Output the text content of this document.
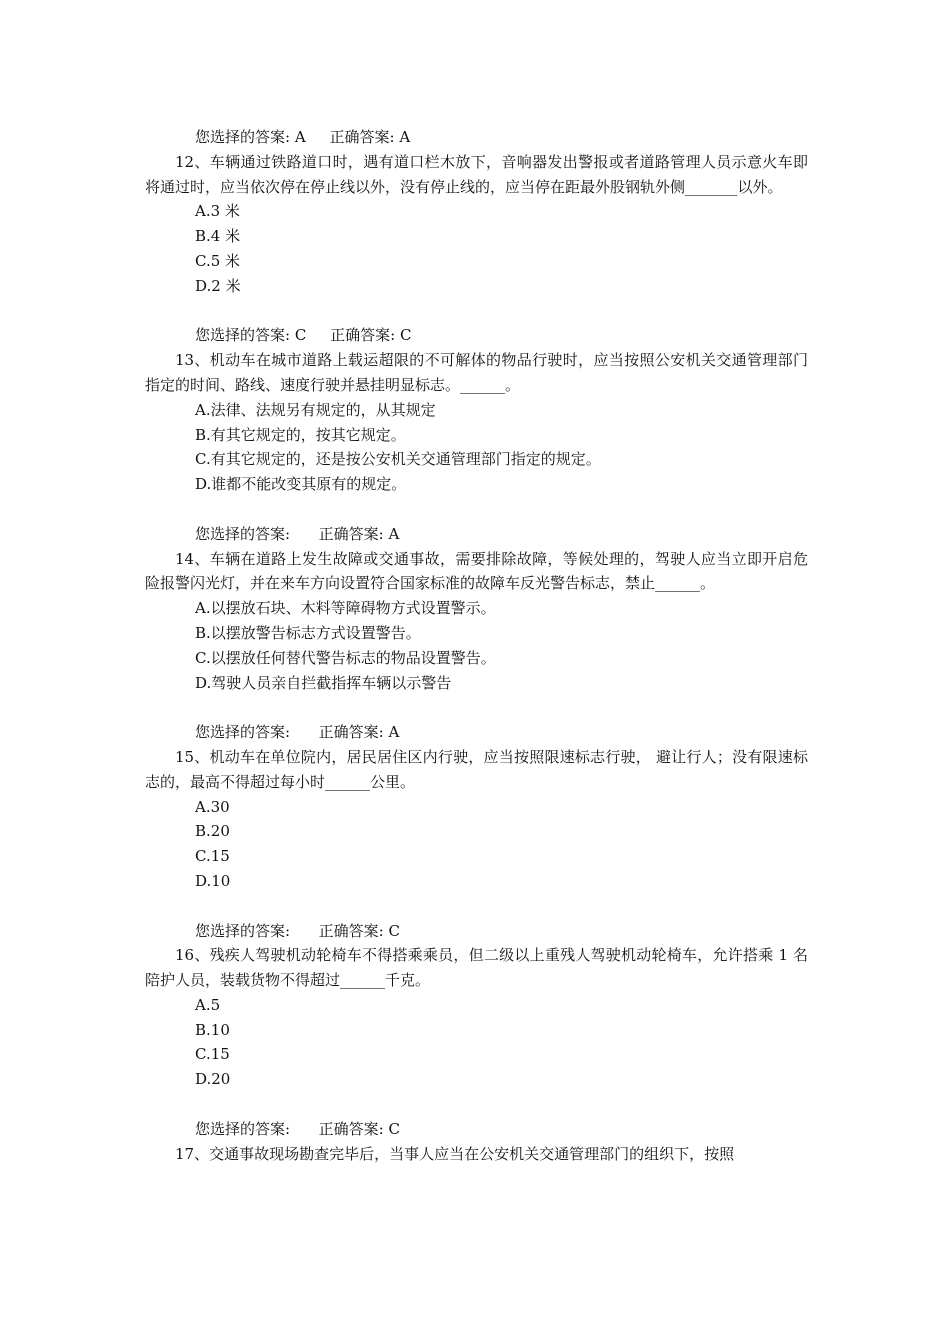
您选择的答案: A     正确答案: A
12、车辆通过铁路道口时，遇有道口栏木放下，音响器发出警报或者道路管理人员示意火车即将通过时，应当依次停在停止线以外，没有停止线的，应当停在距最外股钢轨外侧_______以外。
A.3 米
B.4 米
C.5 米
D.2 米
您选择的答案: C     正确答案: C
13、机动车在城市道路上载运超限的不可解体的物品行驶时，应当按照公安机关交通管理部门指定的时间、路线、速度行驶并悬挂明显标志。______。
A.法律、法规另有规定的，从其规定
B.有其它规定的，按其它规定。
C.有其它规定的，还是按公安机关交通管理部门指定的规定。
D.谁都不能改变其原有的规定。
您选择的答案:      正确答案: A
14、车辆在道路上发生故障或交通事故，需要排除故障，等候处理的，驾驶人应当立即开启危险报警闪光灯，并在来车方向设置符合国家标准的故障车反光警告标志，禁止______。
A.以摆放石块、木料等障碍物方式设置警示。
B.以摆放警告标志方式设置警告。
C.以摆放任何替代警告标志的物品设置警告。
D.驾驶人员亲自拦截指挥车辆以示警告
您选择的答案:      正确答案: A
15、机动车在单位院内，居民居住区内行驶，应当按照限速标志行驶， 避让行人；没有限速标志的，最高不得超过每小时______公里。
A.30
B.20
C.15
D.10
您选择的答案:      正确答案: C
16、残疾人驾驶机动轮椅车不得搭乘乘员，但二级以上重残人驾驶机动轮椅车，允许搭乘 1 名陪护人员，装载货物不得超过______千克。
A.5
B.10
C.15
D.20
您选择的答案:      正确答案: C
17、交通事故现场勘查完毕后，当事人应当在公安机关交通管理部门的组织下，按照
